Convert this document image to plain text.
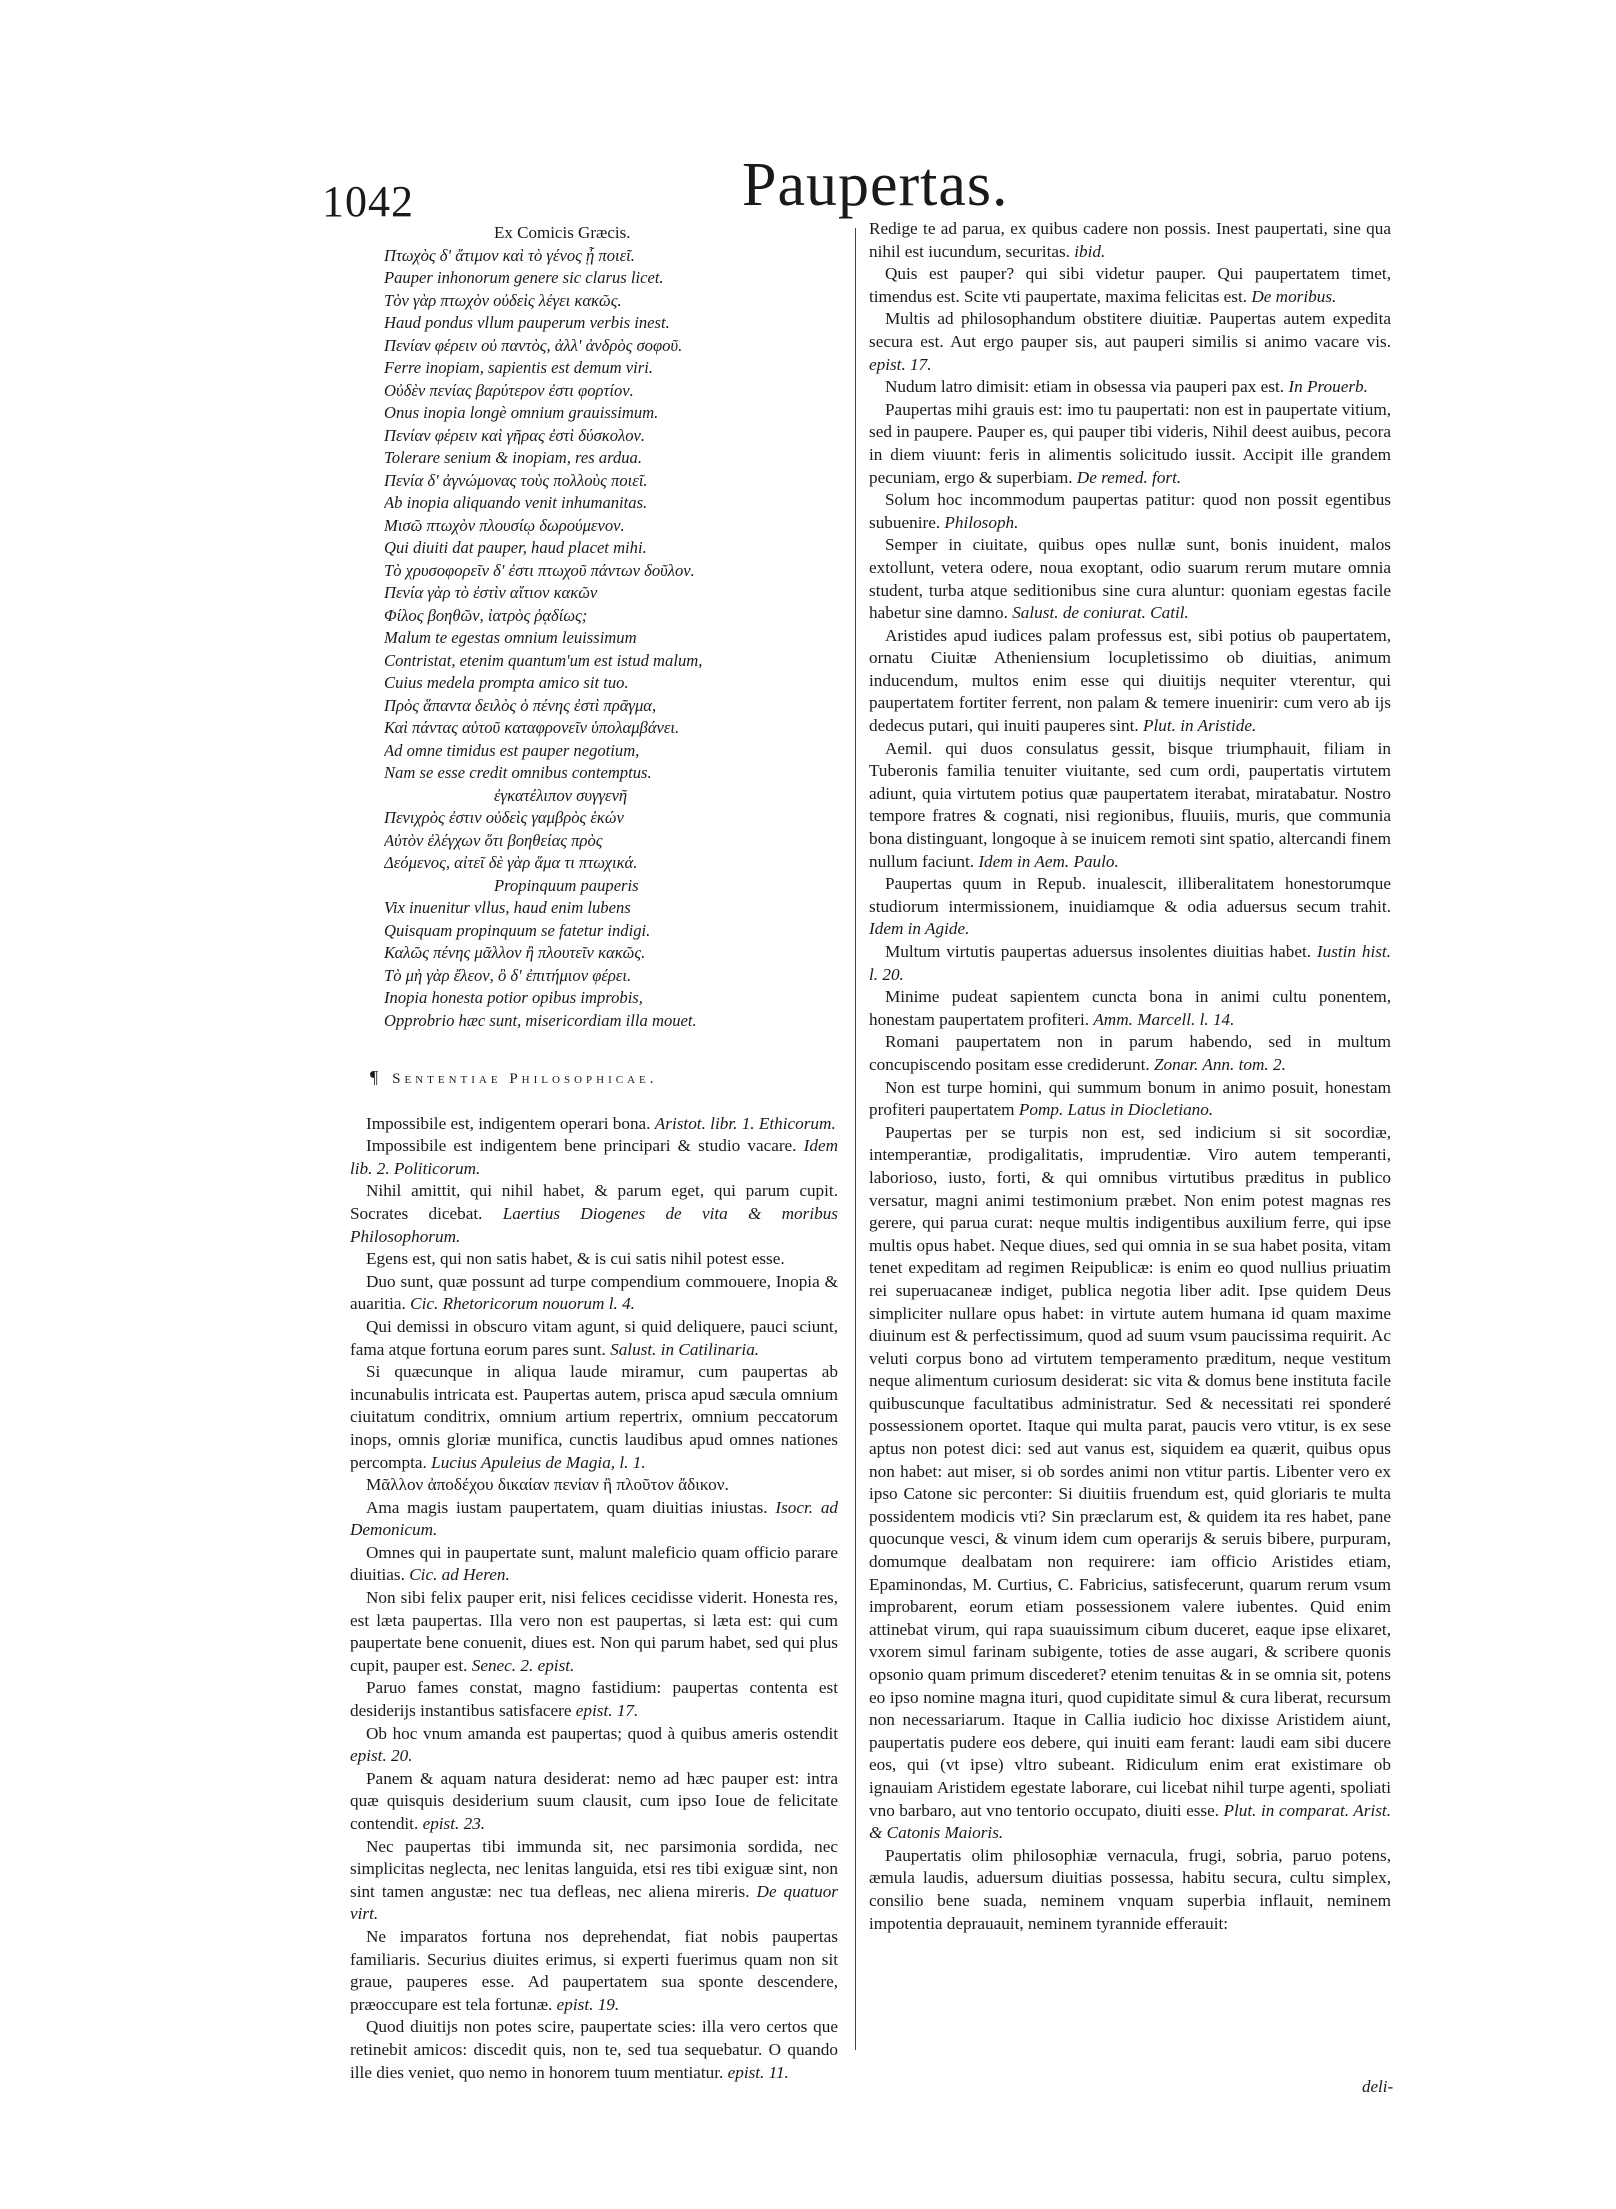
1042	Paupertas.
Ex Comicis Græcis.
Πτωχὸς δ' ἄτιμον καὶ τὸ γένος ᾖ ποιεῖ.
Pauper inhonorum genere sic clarus licet.
Τὸν γὰρ πτωχὸν οὐδεὶς λέγει κακῶς.
Haud pondus vllum pauperum verbis inest.
Πενίαν φέρειν οὐ παντὸς, ἀλλ' ἀνδρὸς σοφοῦ.
Ferre inopiam, sapientis est demum viri.
Οὐδὲν πενίας βαρύτερον ἐστι φορτίον.
Onus inopia longè omnium grauissimum.
Πενίαν φέρειν καὶ γῆρας ἐστὶ δύσκολον.
Tolerare senium & inopiam, res ardua.
Πενία δ' ἀγνώμονας τοὺς πολλοὺς ποιεῖ.
Ab inopia aliquando venit inhumanitas.
Μισῶ πτωχὸν πλουσίῳ δωρούμενον.
Qui diuiti dat pauper, haud placet mihi.
Τὸ χρυσοφορεῖν δ' ἐστι πτωχοῦ πάντων δοῦλον.
Πενία γὰρ τὸ ἐστὶν αἴτιον κακῶν
Φίλος βοηθῶν, ἰατρὸς ῥᾳδίως;
Malum te egestas omnium leuissimum
Contristat, etenim quantum'um est istud malum,
Cuius medela prompta amico sit tuo.
Πρὸς ἅπαντα δειλὸς ὁ πένης ἐστὶ πρᾶγμα,
Καὶ πάντας αὑτοῦ καταφρονεῖν ὑπολαμβάνει.
Ad omne timidus est pauper negotium,
Nam se esse credit omnibus contemptus.
ἐγκατέλιπον συγγενῆ
Πενιχρὸς ἐστιν οὐδεὶς γαμβρὸς ἑκών
Αὐτὸν ἐλέγχων ὅτι βοηθείας πρὸς
Δεόμενος, αἰτεῖ δὲ γὰρ ἅμα τι πτωχικά.
Propinquum pauperis
Vix inuenitur vllus, haud enim lubens
Quisquam propinquum se fatetur indigi.
Καλῶς πένης μᾶλλον ἢ πλουτεῖν κακῶς.
Τὸ μὴ γὰρ ἔλεον, ὃ δ' ἐπιτήμιον φέρει.
Inopia honesta potior opibus improbis,
Opprobrio hæc sunt, misericordiam illa mouet.
¶ Sententiae Philosophicae.

Impossibile est, indigentem operari bona. Aristot. libr. 1. Ethicorum.

Impossibile est indigentem bene principari & studio vacare. Idem lib. 2. Politicorum.

Nihil amittit, qui nihil habet, & parum eget, qui parum cupit. Socrates dicebat. Laertius Diogenes de vita & moribus Philosophorum.

Egens est, qui non satis habet, & is cui satis nihil potest esse.

Duo sunt, quæ possunt ad turpe compendium commouere, Inopia & auaritia. Cic. Rhetoricorum nouorum l. 4.

Qui demissi in obscuro vitam agunt, si quid deliquere, pauci sciunt, fama atque fortuna eorum pares sunt. Salust. in Catilinaria.

Si quæcunque in aliqua laude miramur, cum paupertas ab incunabulis intricata est. Paupertas autem, prisca apud sæcula omnium ciuitatum conditrix, omnium artium repertrix, omnium peccatorum inops, omnis gloriæ munifica, cunctis laudibus apud omnes nationes percompta. Lucius Apuleius de Magia, l. 1.

Μᾶλλον ἀποδέχου δικαίαν πενίαν ἢ πλοῦτον ἄδικον.

Ama magis iustam paupertatem, quam diuitias iniustas. Isocr. ad Demonicum.

Omnes qui in paupertate sunt, malunt maleficio quam officio parare diuitias. Cic. ad Heren.

Non sibi felix pauper erit, nisi felices cecidisse viderit. Honesta res, est læta paupertas. Illa vero non est paupertas, si læta est: qui cum paupertate bene conuenit, diues est. Non qui parum habet, sed qui plus cupit, pauper est. Senec. 2. epist.

Paruo fames constat, magno fastidium: paupertas contenta est desiderijs instantibus satisfacere epist. 17.

Ob hoc vnum amanda est paupertas; quod à quibus ameris ostendit epist. 20.

Panem & aquam natura desiderat: nemo ad hæc pauper est: intra quæ quisquis desiderium suum clausit, cum ipso Ioue de felicitate contendit. epist. 23.

Nec paupertas tibi immunda sit, nec parsimonia sordida, nec simplicitas neglecta, nec lenitas languida, etsi res tibi exiguæ sint, non sint tamen angustæ: nec tua defleas, nec aliena mireris. De quatuor virt.

Ne imparatos fortuna nos deprehendat, fiat nobis paupertas familiaris. Securius diuites erimus, si experti fuerimus quam non sit graue, pauperes esse. Ad paupertatem sua sponte descendere, præoccupare est tela fortunæ. epist. 19.

Quod diuitijs non potes scire, paupertate scies: illa vero certos que retinebit amicos: discedit quis, non te, sed tua sequebatur. O quando ille dies veniet, quo nemo in honorem tuum mentiatur. epist. 11.

Redige te ad parua, ex quibus cadere non possis. Inest paupertati, sine qua nihil est iucundum, securitas. ibid.

Quis est pauper? qui sibi videtur pauper. Qui paupertatem timet, timendus est. Scite vti paupertate, maxima felicitas est. De moribus.

Multis ad philosophandum obstitere diuitiæ. Paupertas autem expedita secura est. Aut ergo pauper sis, aut pauperi similis si animo vacare vis. epist. 17.

Nudum latro dimisit: etiam in obsessa via pauperi pax est. In Prouerb.

Paupertas mihi grauis est: imo tu paupertati: non est in paupertate vitium, sed in paupere. Pauper es, qui pauper tibi videris, Nihil deest auibus, pecora in diem viuunt: feris in alimentis solicitudo iussit. Accipit ille grandem pecuniam, ergo & superbiam. De remed. fort.

Solum hoc incommodum paupertas patitur: quod non possit egentibus subuenire. Philosoph.

Semper in ciuitate, quibus opes nullæ sunt, bonis inuident, malos extollunt, vetera odere, noua exoptant, odio suarum rerum mutare omnia student, turba atque seditionibus sine cura aluntur: quoniam egestas facile habetur sine damno. Salust. de coniurat. Catil.

Aristides apud iudices palam professus est, sibi potius ob paupertatem, ornatu Ciuitæ Atheniensium locupletissimo ob diuitias, animum inducendum, multos enim esse qui diuitijs nequiter vterentur, qui paupertatem fortiter ferrent, non palam & temere inuenirir: cum vero ab ijs dedecus putari, qui inuiti pauperes sint. Plut. in Aristide.

Aemil. qui duos consulatus gessit, bisque triumphauit, filiam in Tuberonis familia tenuiter viuitante, sed cum ordi, paupertatis virtutem adiunt, quia virtutem potius quæ paupertatem iterabat, miratabatur. Nostro tempore fratres & cognati, nisi regionibus, fluuiis, muris, que communia bona distinguant, longoque à se inuicem remoti sint spatio, altercandi finem nullum faciunt. Idem in Aem. Paulo.

Paupertas quum in Repub. inualescit, illiberalitatem honestorumque studiorum intermissionem, inuidiamque & odia aduersus secum trahit. Idem in Agide.

Multum virtutis paupertas aduersus insolentes diuitias habet. Iustin hist. l. 20.

Minime pudeat sapientem cuncta bona in animi cultu ponentem, honestam paupertatem profiteri. Amm. Marcell. l. 14.

Romani paupertatem non in parum habendo, sed in multum concupiscendo positam esse crediderunt. Zonar. Ann. tom. 2.

Non est turpe homini, qui summum bonum in animo posuit, honestam profiteri paupertatem Pomp. Latus in Diocletiano.

Paupertas per se turpis non est, sed indicium si sit socordiæ, intemperantiæ, prodigalitatis, imprudentiæ. Viro autem temperanti, laborioso, iusto, forti, & qui omnibus virtutibus præditus in publico versatur, magni animi testimonium præbet. Non enim potest magnas res gerere, qui parua curat: neque multis indigentibus auxilium ferre, qui ipse multis opus habet. Neque diues, sed qui omnia in se sua habet posita, vitam tenet expeditam ad regimen Reipublicæ: is enim eo quod nullius priuatim rei superuacaneæ indiget, publica negotia liber adit. Ipse quidem Deus simpliciter nullare opus habet: in virtute autem humana id quam maxime diuinum est & perfectissimum, quod ad suum vsum paucissima requirit. Ac veluti corpus bono ad virtutem temperamento præditum, neque vestitum neque alimentum curiosum desiderat: sic vita & domus bene instituta facile quibuscunque facultatibus administratur. Sed & necessitati rei sponderé possessionem oportet. Itaque qui multa parat, paucis vero vtitur, is ex sese aptus non potest dici: sed aut vanus est, siquidem ea quærit, quibus opus non habet: aut miser, si ob sordes animi non vtitur partis. Libenter vero ex ipso Catone sic perconter: Si diuitiis fruendum est, quid gloriaris te multa possidentem modicis vti? Sin præclarum est, & quidem ita res habet, pane quocunque vesci, & vinum idem cum operarijs & seruis bibere, purpuram, domumque dealbatam non requirere: iam officio Aristides etiam, Epaminondas, M. Curtius, C. Fabricius, satisfecerunt, quarum rerum vsum improbarent, eorum etiam possessionem valere iubentes. Quid enim attinebat virum, qui rapa suauissimum cibum duceret, eaque ipse elixaret, vxorem simul farinam subigente, toties de asse augari, & scribere quonis opsonio quam primum discederet? etenim tenuitas & in se omnia sit, potens eo ipso nomine magna ituri, quod cupiditate simul & cura liberat, recursum non necessariarum. Itaque in Callia iudicio hoc dixisse Aristidem aiunt, paupertatis pudere eos debere, qui inuiti eam ferant: laudi eam sibi ducere eos, qui (vt ipse) vltro subeant. Ridiculum enim erat existimare ob ignauiam Aristidem egestate laborare, cui licebat nihil turpe agenti, spoliati vno barbaro, aut vno tentorio occupato, diuiti esse. Plut. in comparat. Arist. & Catonis Maioris.

Paupertatis olim philosophiæ vernacula, frugi, sobria, paruo potens, æmula laudis, aduersum diuitias possessa, habitu secura, cultu simplex, consilio bene suada, neminem vnquam superbia inflauit, neminem impotentia deprauauit, neminem tyrannide efferauit:

deli-
